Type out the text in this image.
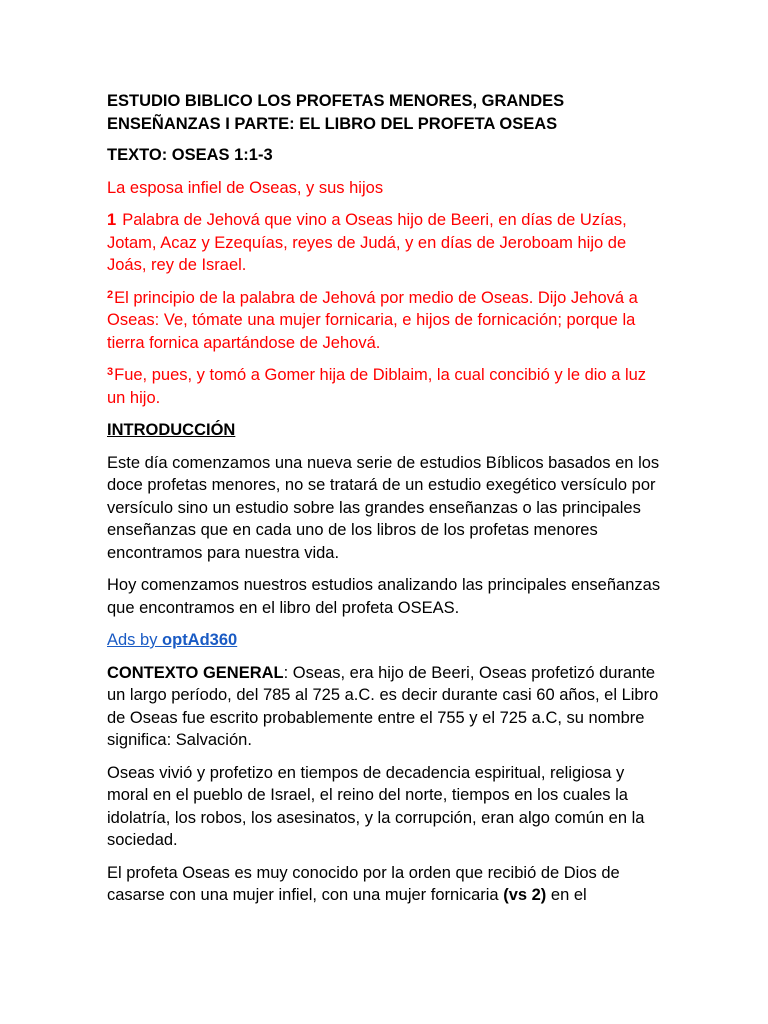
ESTUDIO BIBLICO LOS PROFETAS MENORES, GRANDES ENSEÑANZAS I PARTE: EL LIBRO DEL PROFETA OSEAS

TEXTO: OSEAS 1:1-3

La esposa infiel de Oseas, y sus hijos

1 Palabra de Jehová que vino a Oseas hijo de Beeri, en días de Uzías, Jotam, Acaz y Ezequías, reyes de Judá, y en días de Jeroboam hijo de Joás, rey de Israel.

$^2$El principio de la palabra de Jehová por medio de Oseas. Dijo Jehová a Oseas: Ve, tómate una mujer fornicaria, e hijos de fornicación; porque la tierra fornica apartándose de Jehová.

$^3$Fue, pues, y tomó a Gomer hija de Diblaim, la cual concibió y le dio a luz un hijo.

INTRODUCCIÓN

Este día comenzamos una nueva serie de estudios Bíblicos basados en los doce profetas menores, no se tratará de un estudio exegético versículo por versículo sino un estudio sobre las grandes enseñanzas o las principales enseñanzas que en cada uno de los libros de los profetas menores encontramos para nuestra vida.

Hoy comenzamos nuestros estudios analizando las principales enseñanzas que encontramos en el libro del profeta OSEAS.

Ads by optAd360

CONTEXTO GENERAL: Oseas, era hijo de Beeri, Oseas profetizó durante un largo período, del 785 al 725 a.C. es decir durante casi 60 años, el Libro de Oseas fue escrito probablemente entre el 755 y el 725 a.C, su nombre significa: Salvación.

Oseas vivió y profetizo en tiempos de decadencia espiritual, religiosa y moral en el pueblo de Israel, el reino del norte, tiempos en los cuales la idolatría, los robos, los asesinatos, y la corrupción, eran algo común en la sociedad.

El profeta Oseas es muy conocido por la orden que recibió de Dios de casarse con una mujer infiel, con una mujer fornicaria (vs 2) en el
